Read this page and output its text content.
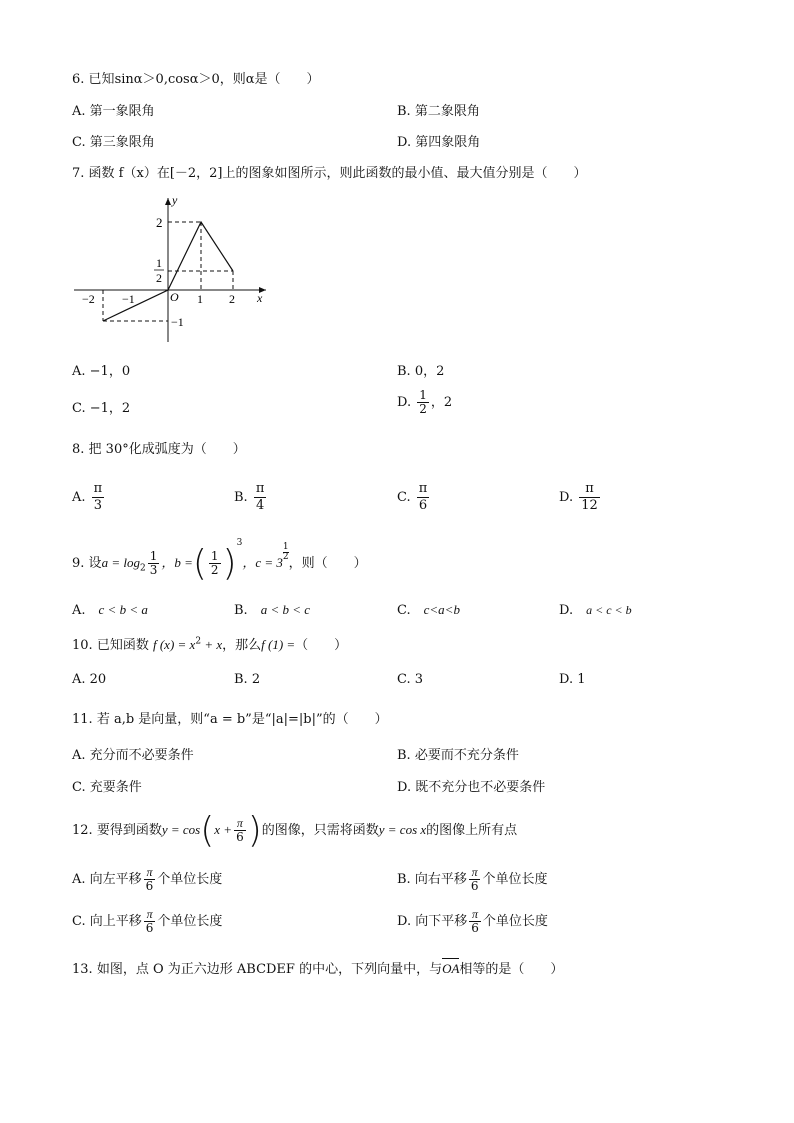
6. 已知sinα＞0,cosα＞0，则α是（　　）
A. 第一象限角	B. 第二象限角
C. 第三象限角	D. 第四象限角
7. 函数 f（x）在[－2，2]上的图象如图所示，则此函数的最小值、最大值分别是（　　）
−2 −1	1 2
2
−1
1
2
O	x
y
A. −1，0	B. 0，2
C. −1，2	D. $\frac{1}{2}$ ，2
8. 把 30°化成弧度为（　　）
A. $\frac{\pi}{3}$	B. $\frac{\pi}{4}$	C. $\frac{\pi}{6}$	D. $\frac{\pi}{12}$
9. 设$a = \log_2 \frac{1}{3}$ ，b =( $\frac{1}{2} )^3$，c = 3
$^{\frac{1}{2}}$
，则（　　）
A.　c < b < a	B.　a < b < c	C.　c<a<b	D.　a < c < b
10. 已知函数 f $(x) = x^2 + x$，那么f (1) =（　　）
A. 20	B. 2	C. 3	D. 1
11. 若 a,b 是向量，则“a = b”是“|a|=|b|”的（　　）
A. 充分而不必要条件	B. 必要而不充分条件
C. 充要条件	D. 既不充分也不必要条件
12. 要得到函数$y = \cos(x + \frac{\pi}{6}$ )的图像，只需将函数y = cos x的图像上所有点
A. 向左平移 $\frac{\pi}{6}$ 个单位长度	B. 向右平移 $\frac{\pi}{6}$ 个单位长度
C. 向上平移 $\frac{\pi}{6}$ 个单位长度	D. 向下平移 $\frac{\pi}{6}$ 个单位长度
13. 如图，点 O 为正六边形 ABCDEF 的中心，下列向量中，与
OA相等的是（　　）
